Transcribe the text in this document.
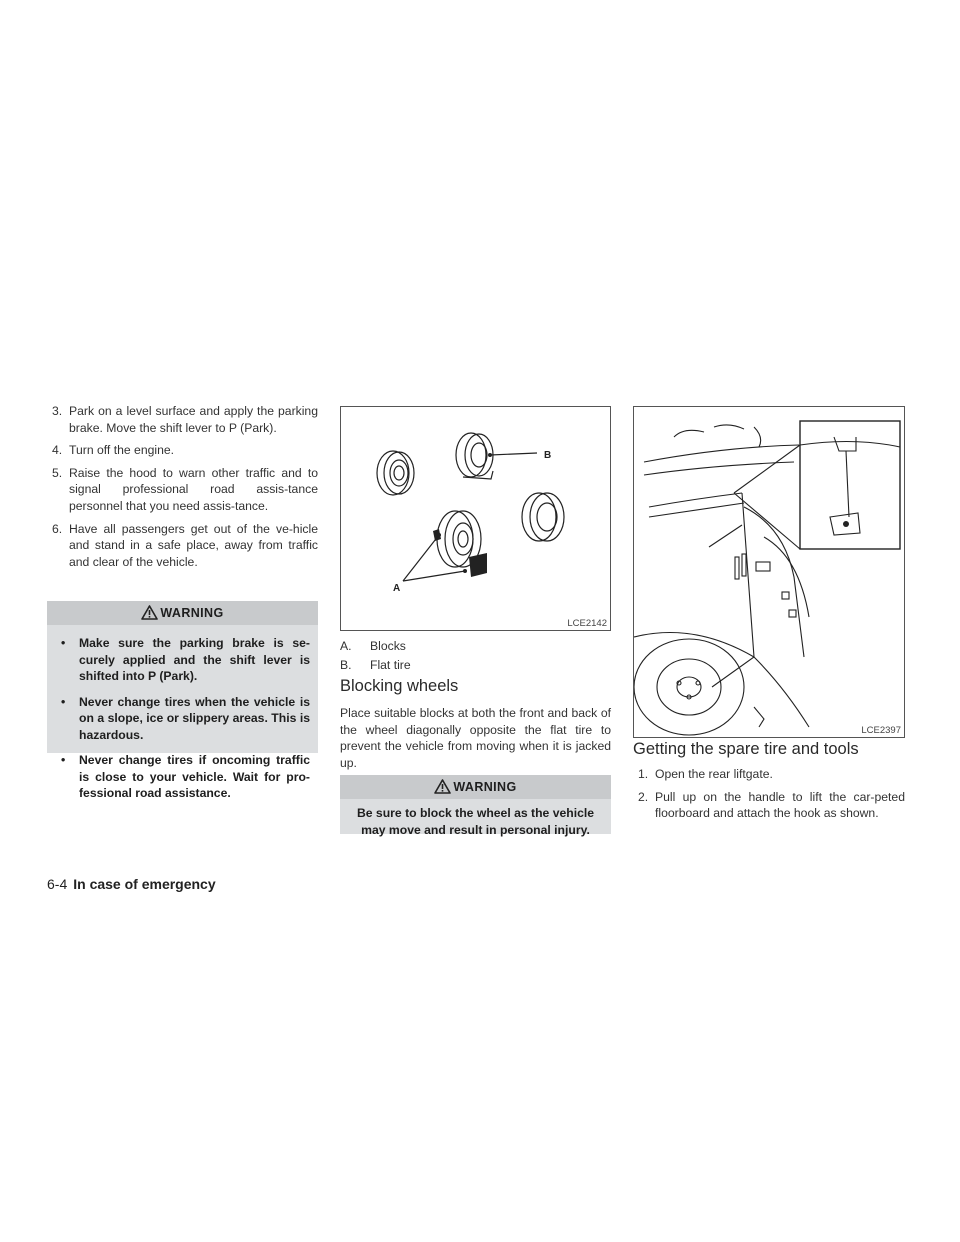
3. Park on a level surface and apply the parking brake. Move the shift lever to P (Park).
4. Turn off the engine.
5. Raise the hood to warn other traffic and to signal professional road assis-tance personnel that you need assis-tance.
6. Have all passengers get out of the ve-hicle and stand in a safe place, away from traffic and clear of the vehicle.
WARNING
• Make sure the parking brake is se-curely applied and the shift lever is shifted into P (Park).
• Never change tires when the vehicle is on a slope, ice or slippery areas. This is hazardous.
• Never change tires if oncoming traffic is close to your vehicle. Wait for pro-fessional road assistance.
B
A
LCE2142
A. Blocks
B. Flat tire
Blocking wheels

Place suitable blocks at both the front and back of the wheel diagonally opposite the flat tire to prevent the vehicle from moving when it is jacked up.

WARNING
Be sure to block the wheel as the vehicle may move and result in personal injury.
LCE2397
Getting the spare tire and tools
1. Open the rear liftgate.
2. Pull up on the handle to lift the car-peted floorboard and attach the hook as shown.
6-4 In case of emergency
